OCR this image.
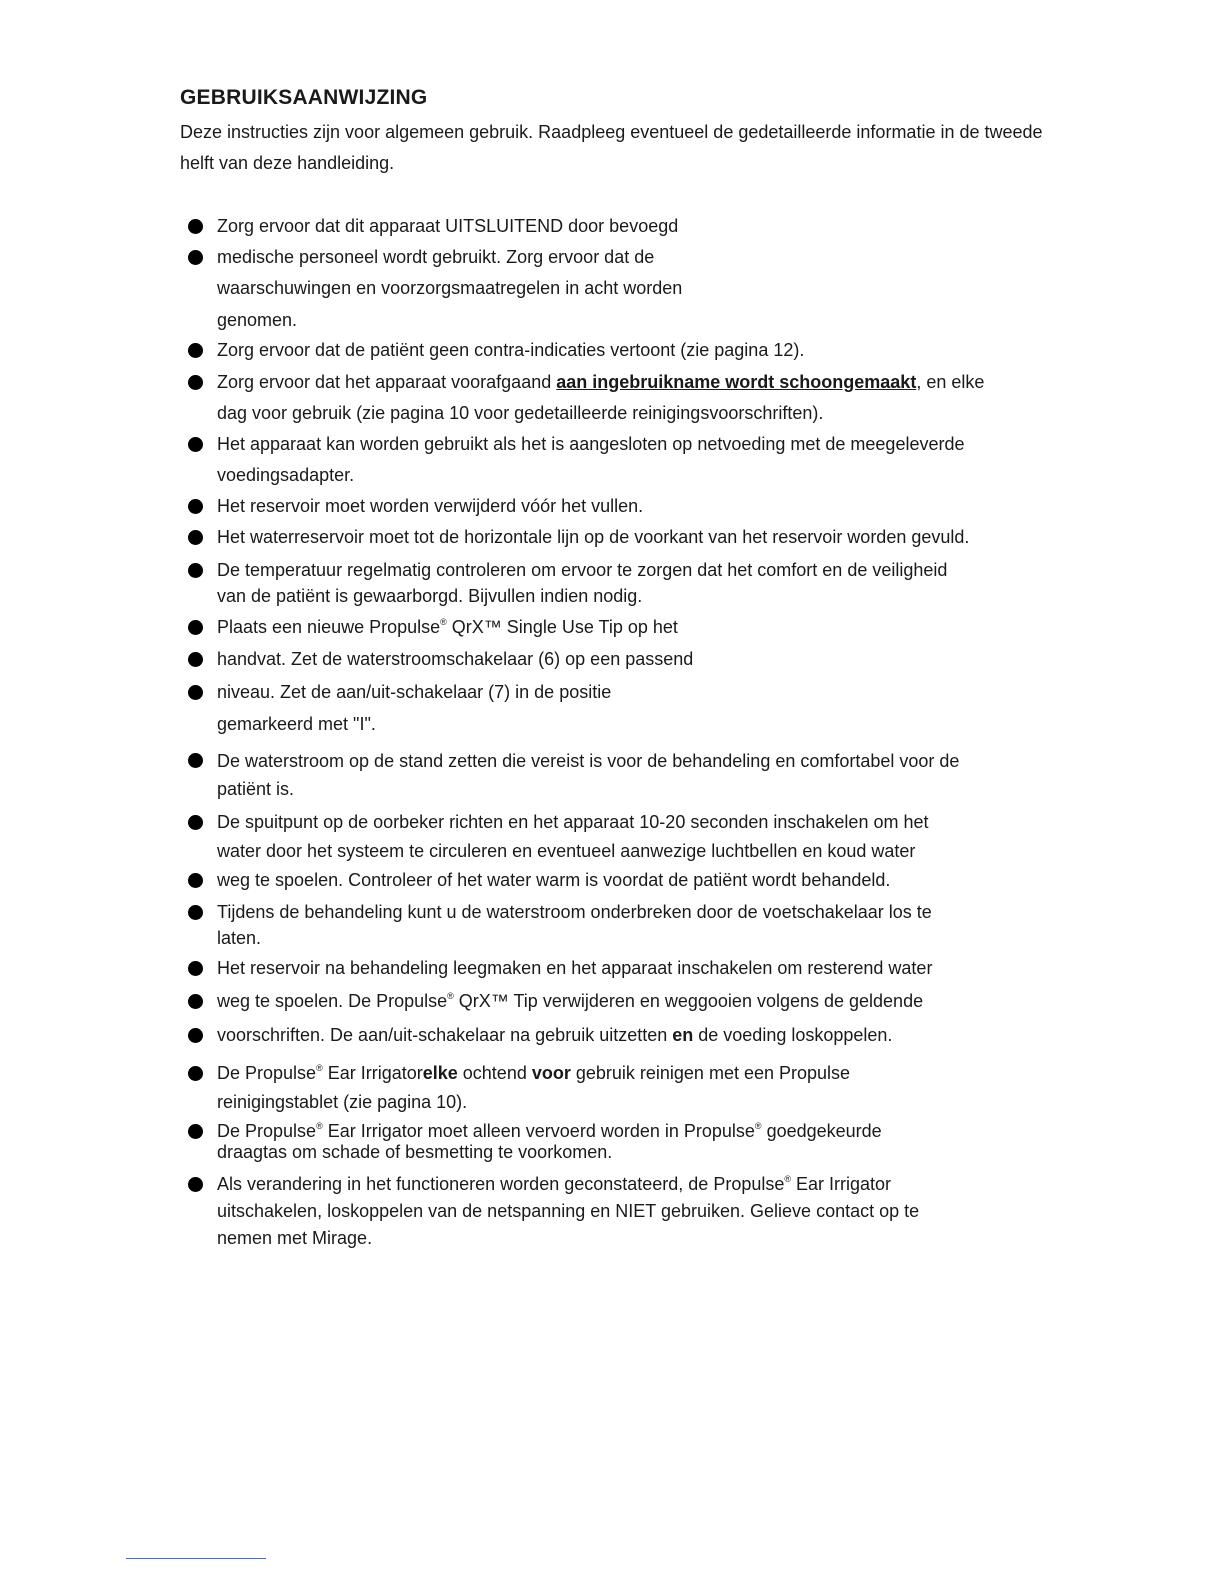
GEBRUIKSAANWIJZING
Deze instructies zijn voor algemeen gebruik. Raadpleeg eventueel de gedetailleerde informatie in de tweede helft van deze handleiding.
Zorg ervoor dat dit apparaat UITSLUITEND door bevoegd
medische personeel wordt gebruikt. Zorg ervoor dat de
waarschuwingen en voorzorgsmaatregelen in acht worden
genomen.
Zorg ervoor dat de patiënt geen contra-indicaties vertoont (zie pagina 12).
Zorg ervoor dat het apparaat voorafgaand aan ingebruikname wordt schoongemaakt, en elke
dag voor gebruik (zie pagina 10 voor gedetailleerde reinigingsvoorschriften).
Het apparaat kan worden gebruikt als het is aangesloten op netvoeding met de meegeleverde
voedingsadapter.
Het reservoir moet worden verwijderd vóór het vullen.
Het waterreservoir moet tot de horizontale lijn op de voorkant van het reservoir worden gevuld.
De temperatuur regelmatig controleren om ervoor te zorgen dat het comfort en de veiligheid
van de patiënt is gewaarborgd. Bijvullen indien nodig.
Plaats een nieuwe Propulse® QrX™ Single Use Tip op het
handvat. Zet de waterstroomschakelaar (6) op een passend
niveau. Zet de aan/uit-schakelaar (7) in de positie
gemarkeerd met "I".
De waterstroom op de stand zetten die vereist is voor de behandeling en comfortabel voor de
patiënt is.
De spuitpunt op de oorbeker richten en het apparaat 10-20 seconden inschakelen om het
water door het systeem te circuleren en eventueel aanwezige luchtbellen en koud water
weg te spoelen. Controleer of het water warm is voordat de patiënt wordt behandeld.
Tijdens de behandeling kunt u de waterstroom onderbreken door de voetschakelaar los te
laten.
Het reservoir na behandeling leegmaken en het apparaat inschakelen om resterend water
weg te spoelen. De Propulse® QrX™ Tip verwijderen en weggooien volgens de geldende
voorschriften. De aan/uit-schakelaar na gebruik uitzetten en de voeding loskoppelen.
De Propulse® Ear Irrigatorelke ochtend voor gebruik reinigen met een Propulse
reinigingstablet (zie pagina 10).
De Propulse® Ear Irrigator moet alleen vervoerd worden in Propulse® goedgekeurde
draagtas om schade of besmetting te voorkomen.
Als verandering in het functioneren worden geconstateerd, de Propulse® Ear Irrigator
uitschakelen, loskoppelen van de netspanning en NIET gebruiken. Gelieve contact op te
nemen met Mirage.
